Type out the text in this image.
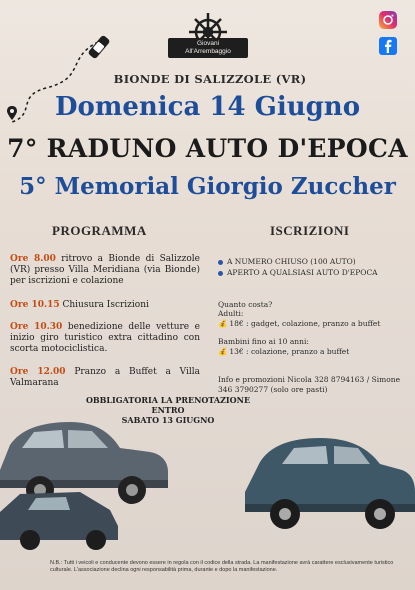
Giovani
All'Arrembaggio
BIONDE DI SALIZZOLE (VR)
Domenica 14 Giugno
7° RADUNO AUTO D'EPOCA
5° Memorial Giorgio Zuccher
PROGRAMMA	ISCRIZIONI
Ore 8.00 ritrovo a Bionde di Salizzole (VR) presso Villa Meridiana (via Bionde) per iscrizioni e colazione
Ore 10.15 Chiusura Iscrizioni
Ore 10.30 benedizione delle vetture e inizio giro turistico extra cittadino con scorta motociclistica.
Ore 12.00 Pranzo a Buffet a Villa Valmarana
OBBLIGATORIA LA PRENOTAZIONE ENTRO
SABATO 13 GIUGNO
A NUMERO CHIUSO (100 AUTO)
APERTO A QUALSIASI AUTO D'EPOCA
Quanto costa?
Adulti:
💰 18€ : gadget, colazione, pranzo a buffet
Bambini fino ai 10 anni:
💰 13€ : colazione, pranzo a buffet
Info e promozioni Nicola 328 8794163 / Simone 346 3790277 (solo ore pasti)
N.B.: Tutti i veicoli e conducente devono essere in regola con il codice della strada. La manifestazione avrà carattere esclusivamente turistico culturale. L'associazione declina ogni responsabilità prima, durante e dopo la manifestazione.
